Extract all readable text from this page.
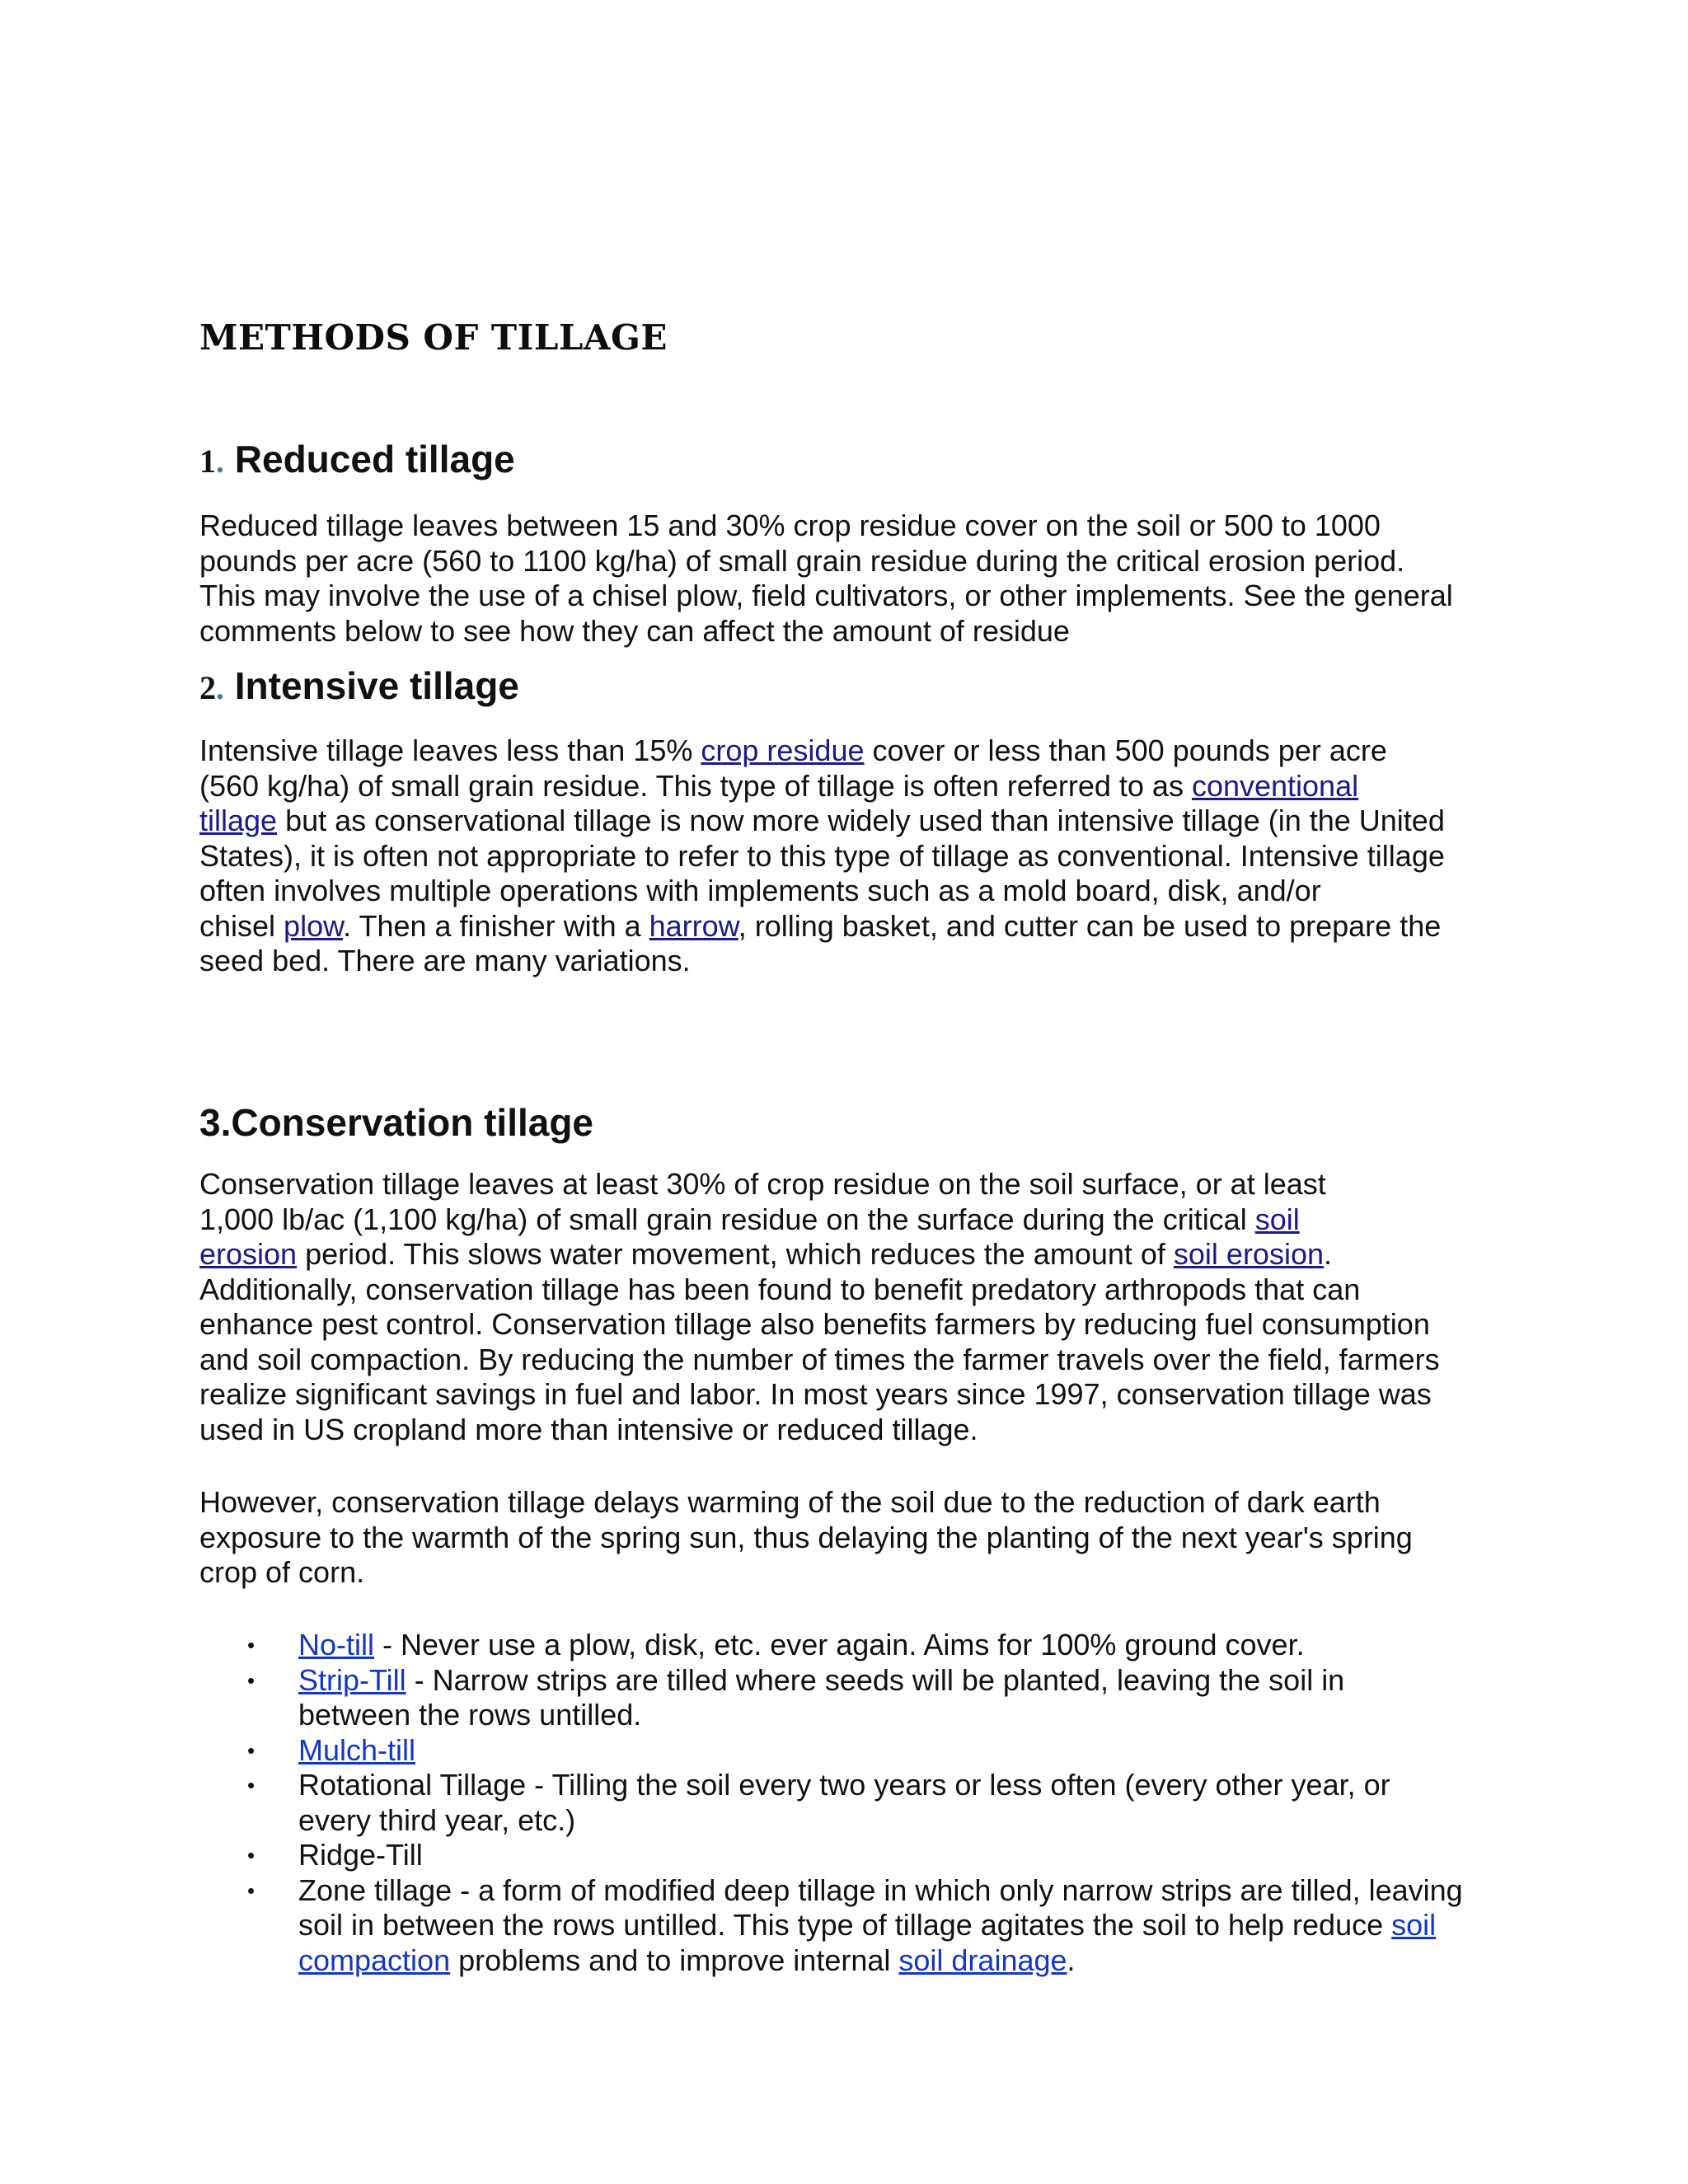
METHODS OF TILLAGE
1. Reduced tillage
Reduced tillage leaves between 15 and 30% crop residue cover on the soil or 500 to 1000
pounds per acre (560 to 1100 kg/ha) of small grain residue during the critical erosion period.
This may involve the use of a chisel plow, field cultivators, or other implements. See the general
comments below to see how they can affect the amount of residue
2. Intensive tillage
Intensive tillage leaves less than 15% crop residue cover or less than 500 pounds per acre
(560 kg/ha) of small grain residue. This type of tillage is often referred to as conventional
tillage but as conservational tillage is now more widely used than intensive tillage (in the United
States), it is often not appropriate to refer to this type of tillage as conventional. Intensive tillage
often involves multiple operations with implements such as a mold board, disk, and/or
chisel plow. Then a finisher with a harrow, rolling basket, and cutter can be used to prepare the
seed bed. There are many variations.
3.Conservation tillage
Conservation tillage leaves at least 30% of crop residue on the soil surface, or at least
1,000 lb/ac (1,100 kg/ha) of small grain residue on the surface during the critical soil
erosion period. This slows water movement, which reduces the amount of soil erosion.
Additionally, conservation tillage has been found to benefit predatory arthropods that can
enhance pest control. Conservation tillage also benefits farmers by reducing fuel consumption
and soil compaction. By reducing the number of times the farmer travels over the field, farmers
realize significant savings in fuel and labor. In most years since 1997, conservation tillage was
used in US cropland more than intensive or reduced tillage.
However, conservation tillage delays warming of the soil due to the reduction of dark earth
exposure to the warmth of the spring sun, thus delaying the planting of the next year's spring
crop of corn.
• No-till - Never use a plow, disk, etc. ever again. Aims for 100% ground cover.
• Strip-Till - Narrow strips are tilled where seeds will be planted, leaving the soil in
between the rows untilled.
• Mulch-till
• Rotational Tillage - Tilling the soil every two years or less often (every other year, or
every third year, etc.)
• Ridge-Till
• Zone tillage - a form of modified deep tillage in which only narrow strips are tilled, leaving
soil in between the rows untilled. This type of tillage agitates the soil to help reduce soil
compaction problems and to improve internal soil drainage.
